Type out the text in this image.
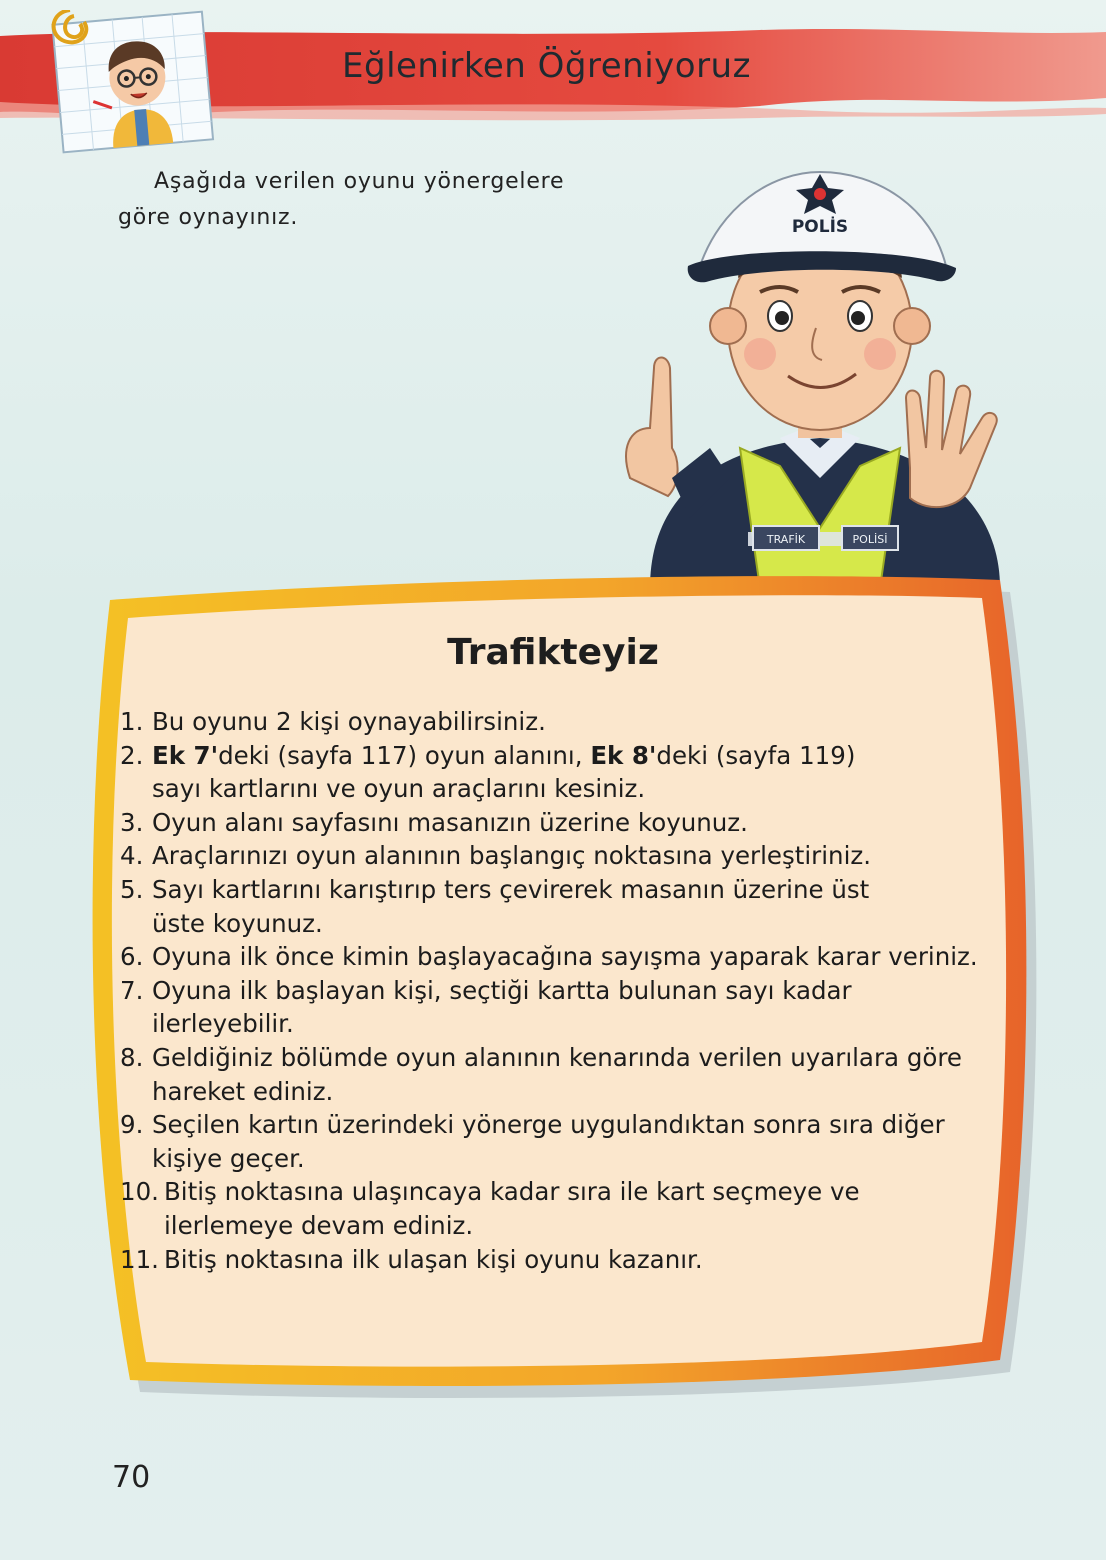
Eğlenirken Öğreniyoruz
Aşağıda verilen oyunu yönergelere
göre oynayınız.
TRAFİK	POLİSİ
POLİS
Trafikteyiz
1. Bu oyunu 2 kişi oynayabilirsiniz.
2. Ek 7'deki (sayfa 117) oyun alanını, Ek 8'deki (sayfa 119)
sayı kartlarını ve oyun araçlarını kesiniz.
3. Oyun alanı sayfasını masanızın üzerine koyunuz.
4. Araçlarınızı oyun alanının başlangıç noktasına yerleştiriniz.
5. Sayı kartlarını karıştırıp ters çevirerek masanın üzerine üst
üste koyunuz.
6. Oyuna ilk önce kimin başlayacağına sayışma yaparak karar veriniz.
7. Oyuna ilk başlayan kişi, seçtiği kartta bulunan sayı kadar
ilerleyebilir.
8. Geldiğiniz bölümde oyun alanının kenarında verilen uyarılara göre
hareket ediniz.
9. Seçilen kartın üzerindeki yönerge uygulandıktan sonra sıra diğer
kişiye geçer.
10. Bitiş noktasına ulaşıncaya kadar sıra ile kart seçmeye ve
ilerlemeye devam ediniz.
11. Bitiş noktasına ilk ulaşan kişi oyunu kazanır.
70
